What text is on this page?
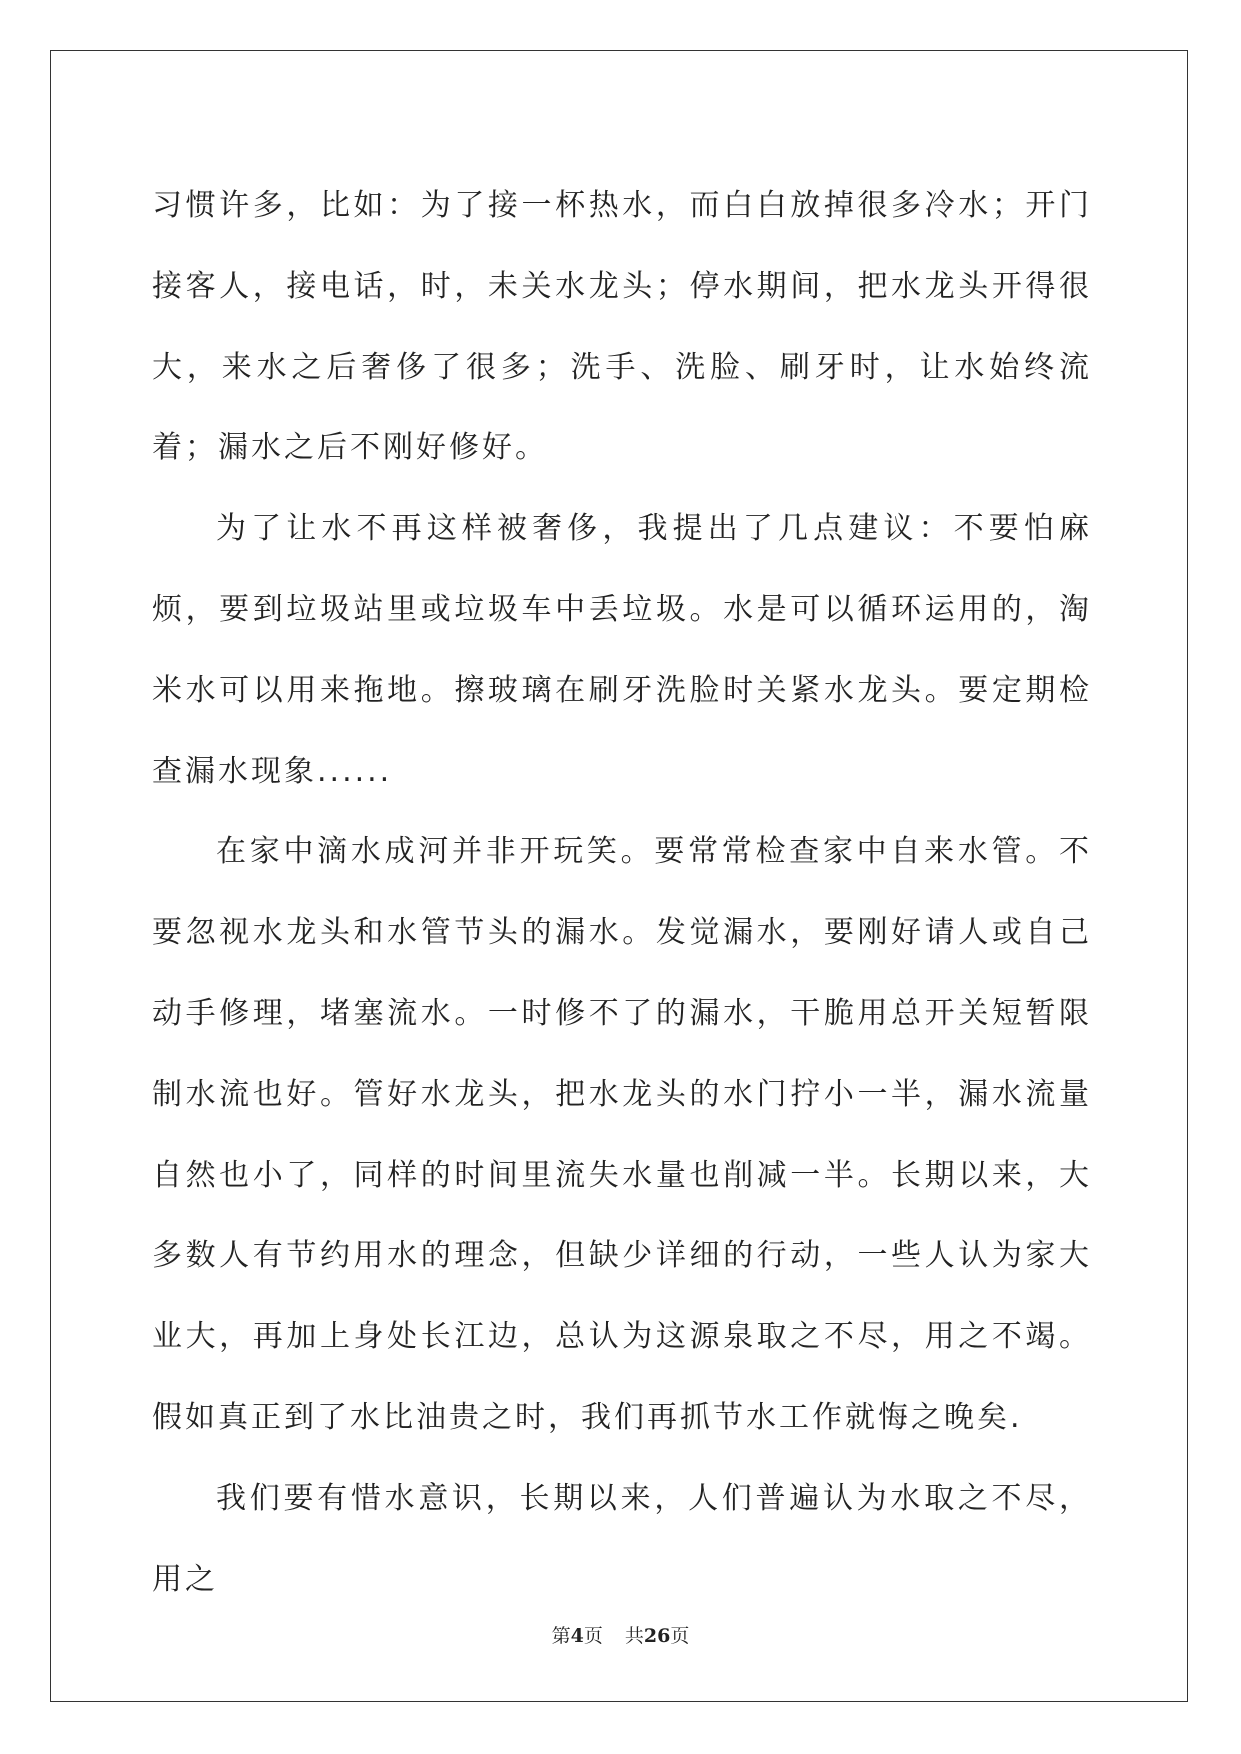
习惯许多，比如：为了接一杯热水，而白白放掉很多冷水；开门接客人，接电话，时，未关水龙头；停水期间，把水龙头开得很大，来水之后奢侈了很多；洗手、洗脸、刷牙时，让水始终流着；漏水之后不刚好修好。

为了让水不再这样被奢侈，我提出了几点建议：不要怕麻烦，要到垃圾站里或垃圾车中丢垃圾。水是可以循环运用的，淘米水可以用来拖地。擦玻璃在刷牙洗脸时关紧水龙头。要定期检查漏水现象......

在家中滴水成河并非开玩笑。要常常检查家中自来水管。不要忽视水龙头和水管节头的漏水。发觉漏水，要刚好请人或自己动手修理，堵塞流水。一时修不了的漏水，干脆用总开关短暂限制水流也好。管好水龙头，把水龙头的水门拧小一半，漏水流量自然也小了，同样的时间里流失水量也削减一半。长期以来，大多数人有节约用水的理念，但缺少详细的行动，一些人认为家大业大，再加上身处长江边，总认为这源泉取之不尽，用之不竭。假如真正到了水比油贵之时，我们再抓节水工作就悔之晚矣.

我们要有惜水意识，长期以来，人们普遍认为水取之不尽，用之

第4页 共26页
